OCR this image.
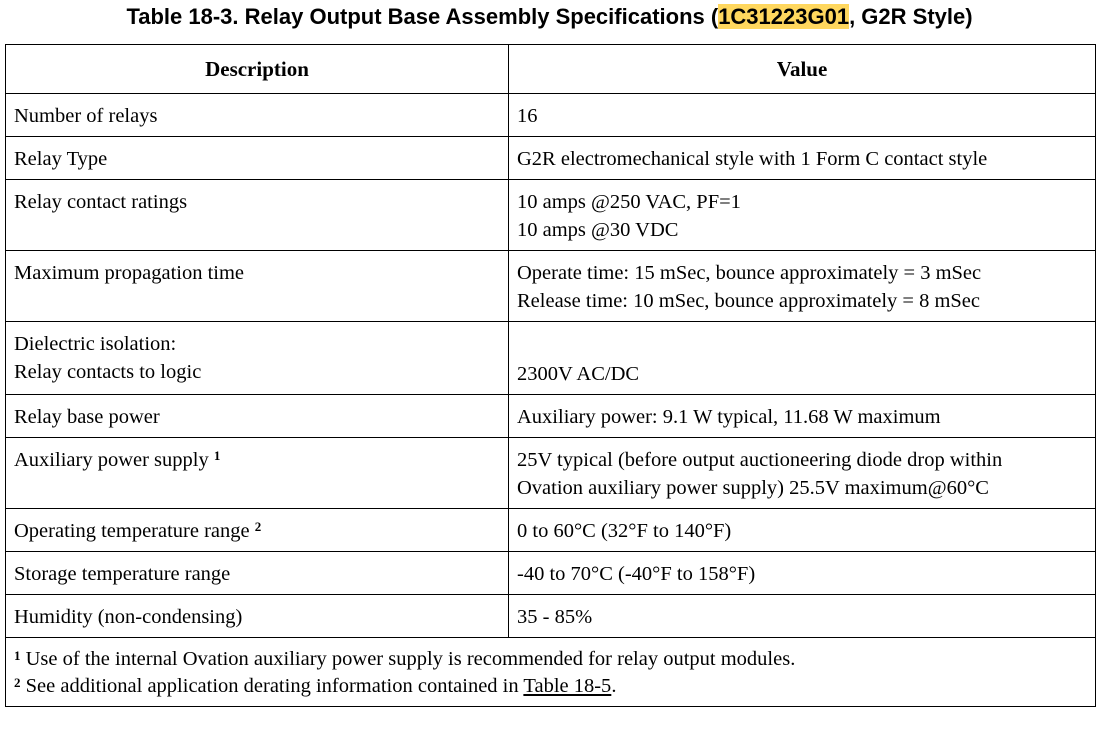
Table 18-3. Relay Output Base Assembly Specifications (1C31223G01, G2R Style)
Description	Value

Number of relays	16

Relay Type	G2R electromechanical style with 1 Form C contact style

Relay contact ratings	10 amps @250 VAC, PF=1
10 amps @30 VDC

Maximum propagation time	Operate time: 15 mSec, bounce approximately = 3 mSec
Release time: 10 mSec, bounce approximately = 8 mSec

Dielectric isolation:
Relay contacts to logic	2300V AC/DC

Relay base power	Auxiliary power: 9.1 W typical, 11.68 W maximum

Auxiliary power supply $^1$	25V typical (before output auctioneering diode drop within
Ovation auxiliary power supply) 25.5V maximum@60°C

Operating temperature range $^2$	0 to 60°C (32°F to 140°F)

Storage temperature range	-40 to 70°C (-40°F to 158°F)

Humidity (non-condensing)	35 - 85%

$^1$ Use of the internal Ovation auxiliary power supply is recommended for relay output modules.
$^2$ See additional application derating information contained in Table 18-5.	
